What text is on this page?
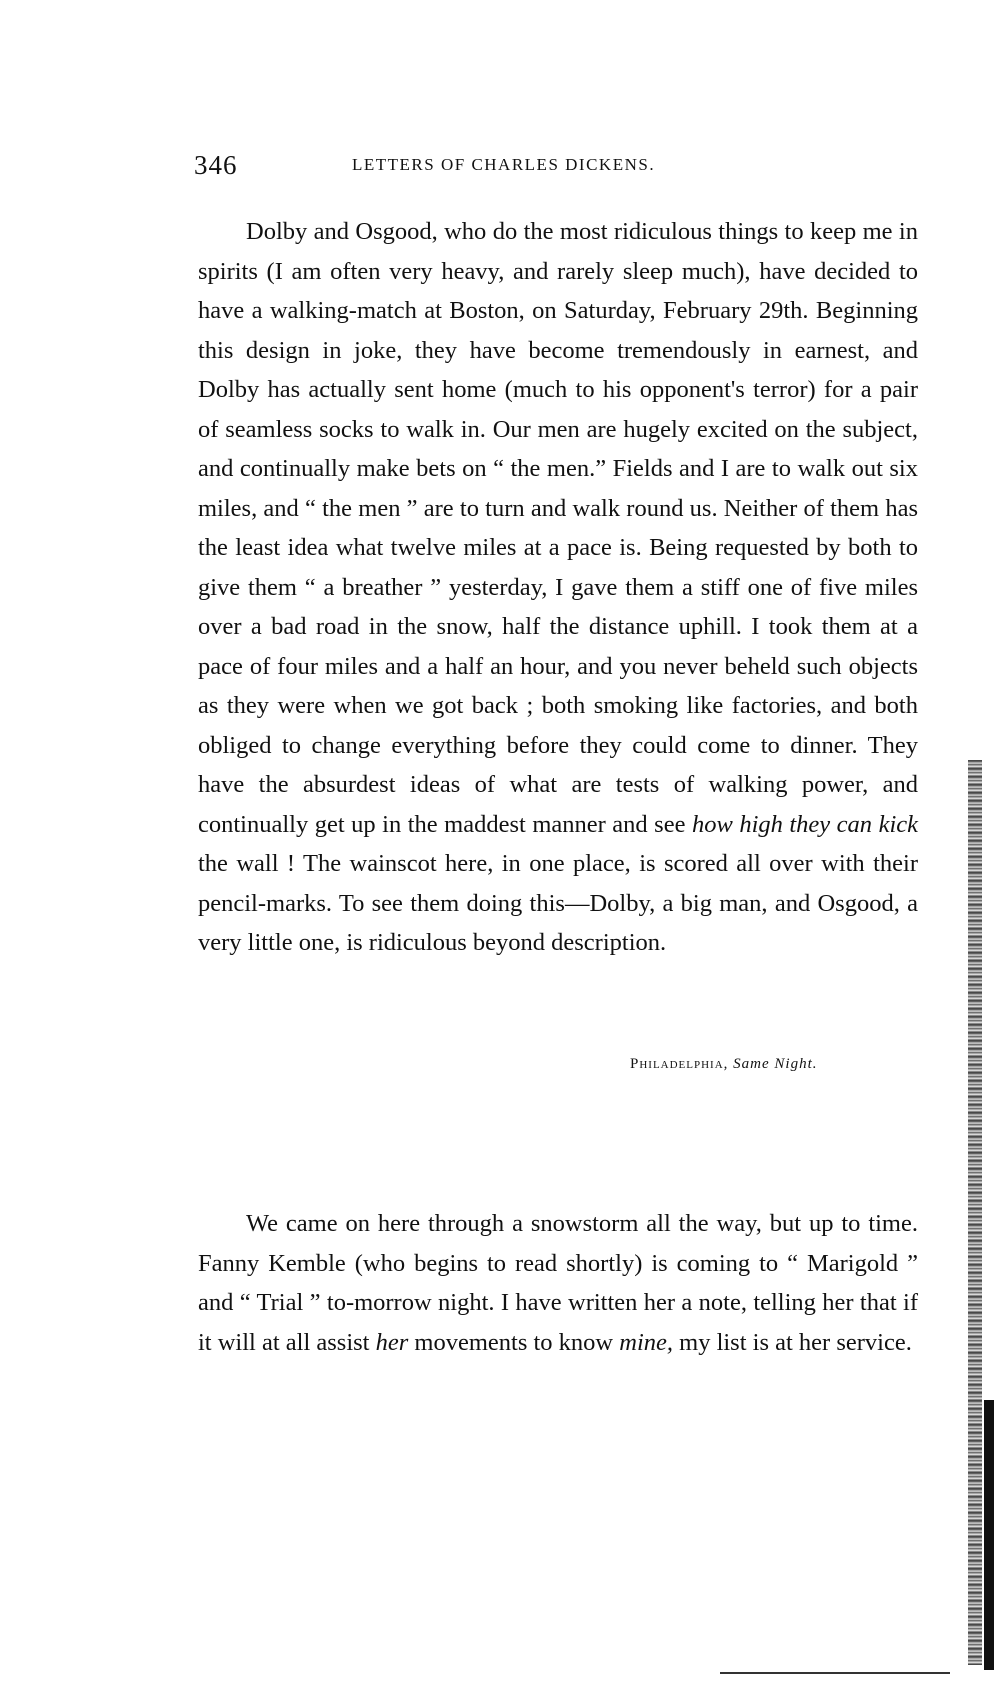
346	LETTERS OF CHARLES DICKENS.

Dolby and Osgood, who do the most ridiculous things to keep me in spirits (I am often very heavy, and rarely sleep much), have decided to have a walking-match at Boston, on Saturday, February 29th. Beginning this design in joke, they have become tremendously in earnest, and Dolby has actually sent home (much to his opponent's terror) for a pair of seamless socks to walk in. Our men are hugely excited on the subject, and continually make bets on “ the men.” Fields and I are to walk out six miles, and “ the men ” are to turn and walk round us. Neither of them has the least idea what twelve miles at a pace is. Being requested by both to give them “ a breather ” yesterday, I gave them a stiff one of five miles over a bad road in the snow, half the distance uphill. I took them at a pace of four miles and a half an hour, and you never beheld such objects as they were when we got back ; both smoking like factories, and both obliged to change everything before they could come to dinner. They have the absurdest ideas of what are tests of walking power, and continually get up in the maddest manner and see how high they can kick the wall ! The wainscot here, in one place, is scored all over with their pencil-marks. To see them doing this—Dolby, a big man, and Osgood, a very little one, is ridiculous beyond description.

Philadelphia, Same Night.

We came on here through a snowstorm all the way, but up to time. Fanny Kemble (who begins to read shortly) is coming to “ Marigold ” and “ Trial ” to-morrow night. I have written her a note, telling her that if it will at all assist her movements to know mine, my list is at her service.
